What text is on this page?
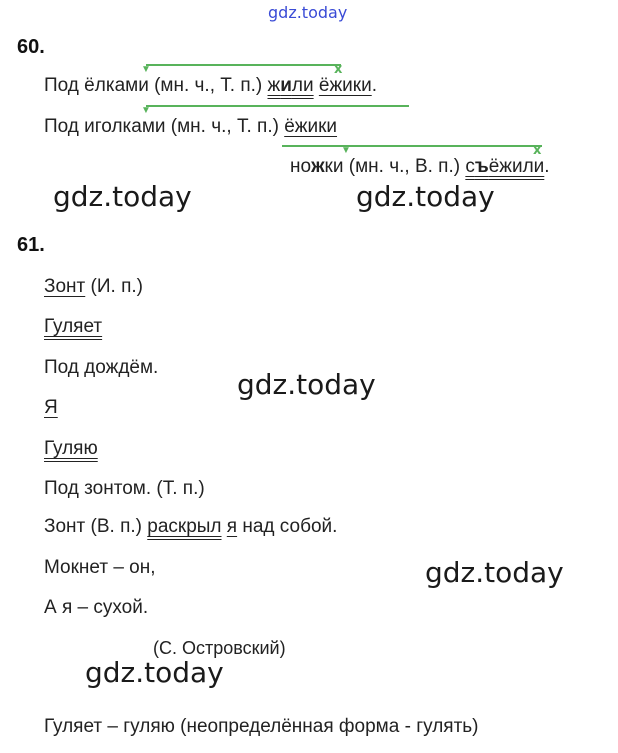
gdz.today
60.
▼	x
Под ёлками (мн. ч., Т. п.) жили ёжики.
▼
Под иголками (мн. ч., Т. п.) ёжики
▼	x
ножки (мн. ч., В. п.) съёжили.
gdz.today	gdz.today
61.
Зонт (И. п.)
Гуляет
Под дождём.
gdz.today
Я
Гуляю
Под зонтом. (Т. п.)
Зонт (В. п.) раскрыл я над собой.
Мокнет – он,	gdz.today
А я – сухой.
(С. Островский)
gdz.today
Гуляет – гуляю (неопределённая форма - гулять)
